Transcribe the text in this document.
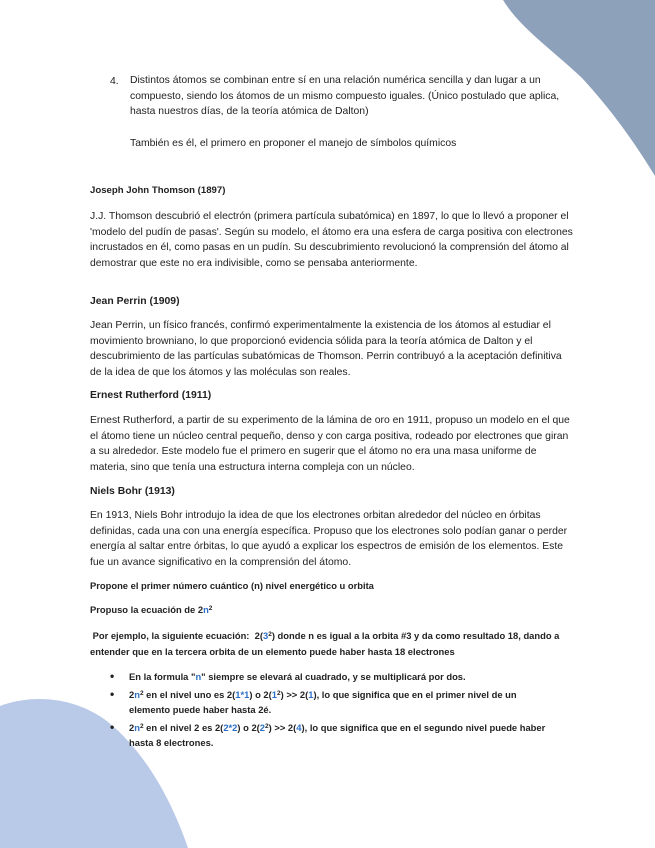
4. Distintos átomos se combinan entre sí en una relación numérica sencilla y dan lugar a un compuesto, siendo los átomos de un mismo compuesto iguales. (Único postulado que aplica, hasta nuestros días, de la teoría atómica de Dalton)

También es él, el primero en proponer el manejo de símbolos químicos

Joseph John Thomson (1897)

J.J. Thomson descubrió el electrón (primera partícula subatómica) en 1897, lo que lo llevó a proponer el 'modelo del pudín de pasas'. Según su modelo, el átomo era una esfera de carga positiva con electrones incrustados en él, como pasas en un pudín. Su descubrimiento revolucionó la comprensión del átomo al demostrar que este no era indivisible, como se pensaba anteriormente.

Jean Perrin (1909)

Jean Perrin, un físico francés, confirmó experimentalmente la existencia de los átomos al estudiar el movimiento browniano, lo que proporcionó evidencia sólida para la teoría atómica de Dalton y el descubrimiento de las partículas subatómicas de Thomson. Perrin contribuyó a la aceptación definitiva de la idea de que los átomos y las moléculas son reales.

Ernest Rutherford (1911)

Ernest Rutherford, a partir de su experimento de la lámina de oro en 1911, propuso un modelo en el que el átomo tiene un núcleo central pequeño, denso y con carga positiva, rodeado por electrones que giran a su alrededor. Este modelo fue el primero en sugerir que el átomo no era una masa uniforme de materia, sino que tenía una estructura interna compleja con un núcleo.

Niels Bohr (1913)

En 1913, Niels Bohr introdujo la idea de que los electrones orbitan alrededor del núcleo en órbitas definidas, cada una con una energía específica. Propuso que los electrones solo podían ganar o perder energía al saltar entre órbitas, lo que ayudó a explicar los espectros de emisión de los elementos. Este fue un avance significativo en la comprensión del átomo.

Propone el primer número cuántico (n) nivel energético u orbita

Propuso la ecuación de $2n^2$

Por ejemplo, la siguiente ecuación:  $2(3^2)$ donde n es igual a la orbita #3 y da como resultado 18, dando a entender que en la tercera orbita de un elemento puede haber hasta 18 electrones

• En la formula "n" siempre se elevará al cuadrado, y se multiplicará por dos.
• $2n^2$ en el nivel uno es 2(1*1) o $2(1^2) >> 2(1)$, lo que significa que en el primer nivel de un elemento puede haber hasta 2é.
• $2n^2$ en el nivel 2 es 2(2*2) o $2(2^2) >> 2(4)$, lo que significa que en el segundo nivel puede haber hasta 8 electrones.
